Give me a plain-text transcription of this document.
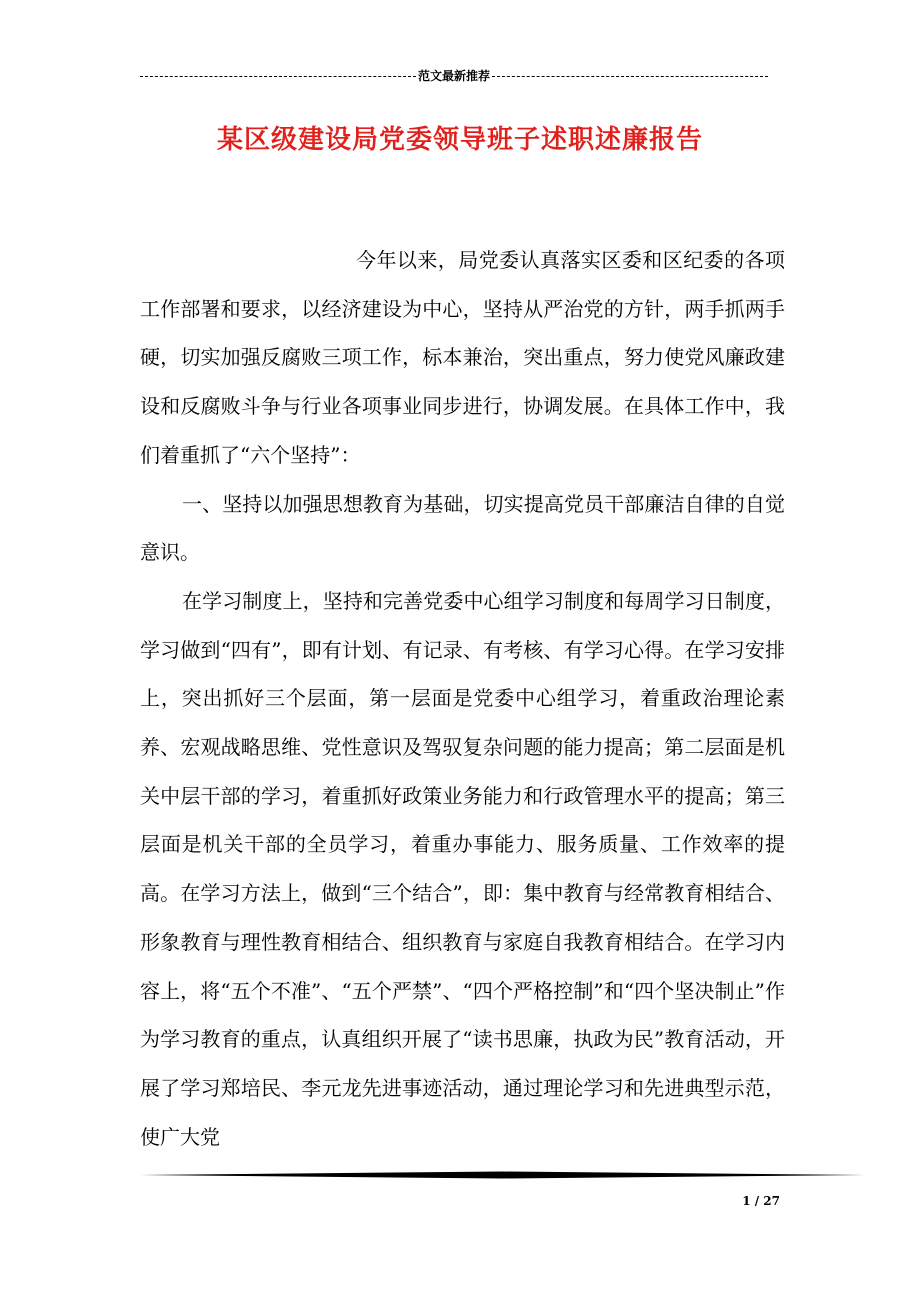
范文最新推荐
某区级建设局党委领导班子述职述廉报告

今年以来，局党委认真落实区委和区纪委的各项工作部署和要求，以经济建设为中心，坚持从严治党的方针，两手抓两手硬，切实加强反腐败三项工作，标本兼治，突出重点，努力使党风廉政建设和反腐败斗争与行业各项事业同步进行，协调发展。在具体工作中，我们着重抓了“六个坚持”：

一、坚持以加强思想教育为基础，切实提高党员干部廉洁自律的自觉意识。

在学习制度上，坚持和完善党委中心组学习制度和每周学习日制度，学习做到“四有”，即有计划、有记录、有考核、有学习心得。在学习安排上，突出抓好三个层面，第一层面是党委中心组学习，着重政治理论素养、宏观战略思维、党性意识及驾驭复杂问题的能力提高；第二层面是机关中层干部的学习，着重抓好政策业务能力和行政管理水平的提高；第三层面是机关干部的全员学习，着重办事能力、服务质量、工作效率的提高。在学习方法上，做到“三个结合”，即：集中教育与经常教育相结合、形象教育与理性教育相结合、组织教育与家庭自我教育相结合。在学习内容上，将“五个不准”、“五个严禁”、“四个严格控制”和“四个坚决制止”作为学习教育的重点，认真组织开展了“读书思廉，执政为民”教育活动，开展了学习郑培民、李元龙先进事迹活动，通过理论学习和先进典型示范，使广大党

1 / 27
